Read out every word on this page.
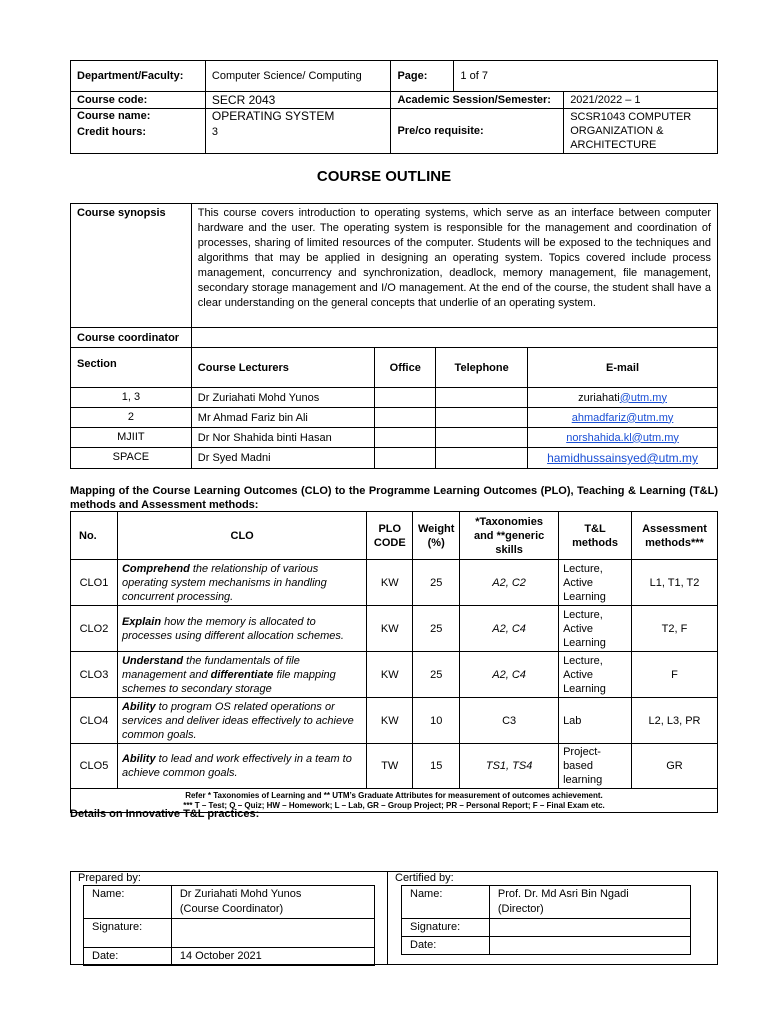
Department/Faculty:	Computer Science/ Computing	Page:	1 of 7	
Course code:	SECR 2043	Academic Session/Semester:		2021/2022 – 1
Course name:	OPERATING SYSTEM	Pre/co requisite:		SCSR1043 COMPUTER ORGANIZATION & ARCHITECTURE
Credit hours:	3			
COURSE OUTLINE
Course synopsis	This course covers introduction to operating systems, which serve as an interface between computer hardware and the user. The operating system is responsible for the management and coordination of processes, sharing of limited resources of the computer. Students will be exposed to the techniques and algorithms that may be applied in designing an operating system. Topics covered include process management, concurrency and synchronization, deadlock, memory management, file management, secondary storage management and I/O management. At the end of the course, the student shall have a clear understanding on the general concepts that underlie of an operating system.			
Course coordinator				
Section	Course Lecturers	Office	Telephone	E-mail
1, 3	Dr Zuriahati Mohd Yunos			zuriahati@utm.my
2	Mr Ahmad Fariz bin Ali			ahmadfariz@utm.my
MJIIT	Dr Nor Shahida binti Hasan			norshahida.kl@utm.my
SPACE	Dr Syed Madni			hamidhussainsyed@utm.my
Mapping of the Course Learning Outcomes (CLO) to the Programme Learning Outcomes (PLO), Teaching & Learning (T&L) methods and Assessment methods:
No.	CLO	PLO CODE	Weight (%)	*Taxonomies and **generic skills	T&L methods	Assessment methods***
CLO1	Comprehend the relationship of various operating system mechanisms in handling concurrent processing.	KW	25	A2, C2	Lecture, Active Learning	L1, T1, T2
CLO2	Explain how the memory is allocated to processes using different allocation schemes.	KW	25	A2, C4	Lecture, Active Learning	T2, F
CLO3	Understand the fundamentals of file management and differentiate file mapping schemes to secondary storage	KW	25	A2, C4	Lecture, Active Learning	F
CLO4	Ability to program OS related operations or services and deliver ideas effectively to achieve common goals.	KW	10	C3	Lab	L2, L3, PR
CLO5	Ability to lead and work effectively in a team to achieve common goals.	TW	15	TS1, TS4	Project-based learning	GR

Refer * Taxonomies of Learning and ** UTM’s Graduate Attributes for measurement of outcomes achievement.
*** T – Test; Q – Quiz; HW – Homework; L – Lab, GR – Group Project; PR – Personal Report; F – Final Exam etc.						
Details on Innovative T&L practices:
Prepared by:
Name:	Dr Zuriahati Mohd Yunos
(Course Coordinator)

Signature:	
Date:	14 October 2021
Certified by:
Name:	Prof. Dr. Md Asri Bin Ngadi
(Director)

Signature:	
Date:	
